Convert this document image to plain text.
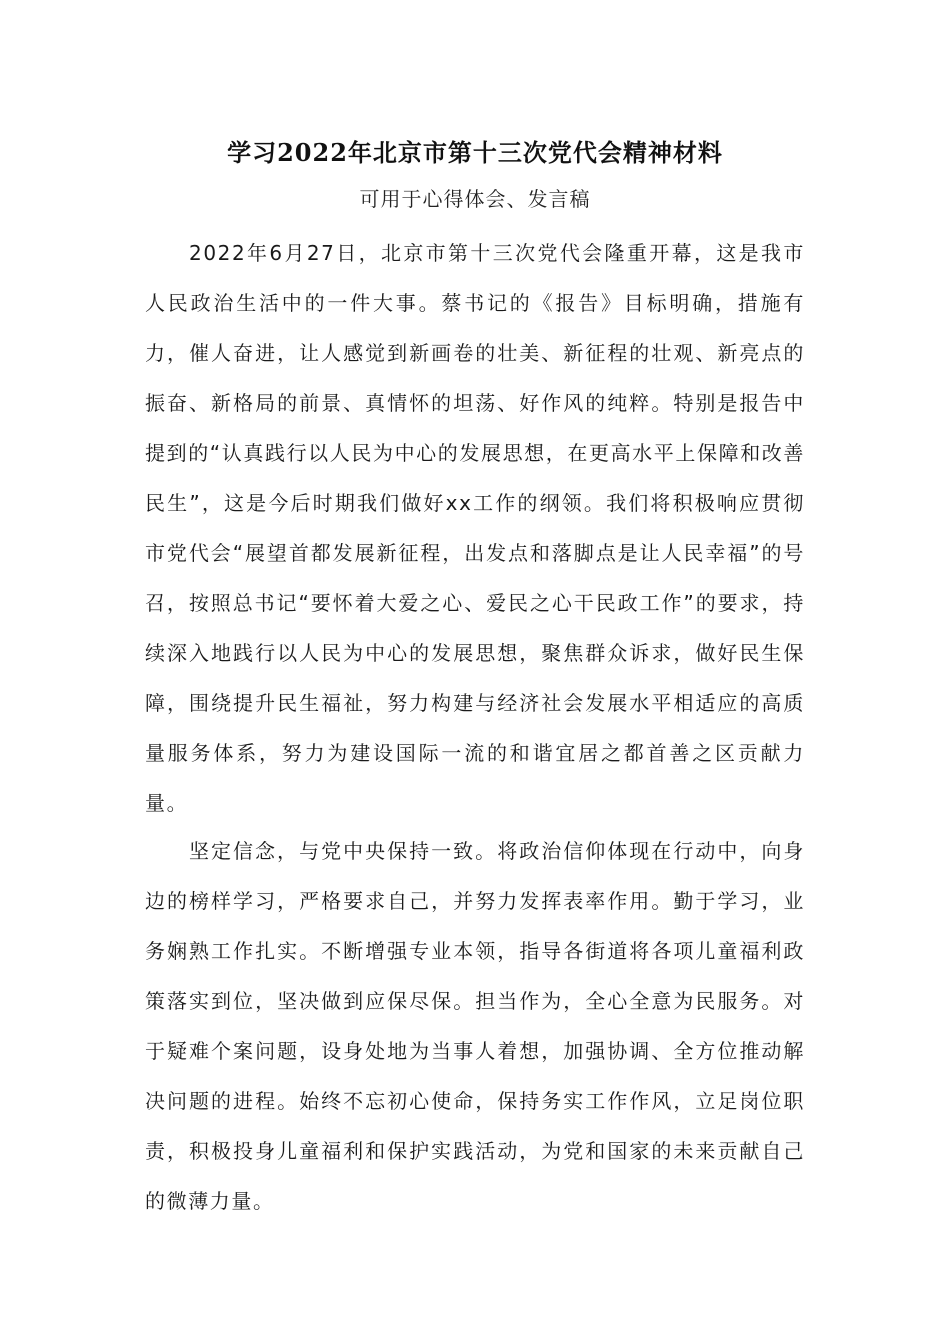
学习2022年北京市第十三次党代会精神材料
可用于心得体会、发言稿

2022年6月27日，北京市第十三次党代会隆重开幕，这是我市人民政治生活中的一件大事。蔡书记的《报告》目标明确，措施有力，催人奋进，让人感觉到新画卷的壮美、新征程的壮观、新亮点的振奋、新格局的前景、真情怀的坦荡、好作风的纯粹。特别是报告中提到的“认真践行以人民为中心的发展思想，在更高水平上保障和改善民生”，这是今后时期我们做好xx工作的纲领。我们将积极响应贯彻市党代会“展望首都发展新征程，出发点和落脚点是让人民幸福”的号召，按照总书记“要怀着大爱之心、爱民之心干民政工作”的要求，持续深入地践行以人民为中心的发展思想，聚焦群众诉求，做好民生保障，围绕提升民生福祉，努力构建与经济社会发展水平相适应的高质量服务体系，努力为建设国际一流的和谐宜居之都首善之区贡献力量。

坚定信念，与党中央保持一致。将政治信仰体现在行动中，向身边的榜样学习，严格要求自己，并努力发挥表率作用。勤于学习，业务娴熟工作扎实。不断增强专业本领，指导各街道将各项儿童福利政策落实到位，坚决做到应保尽保。担当作为，全心全意为民服务。对于疑难个案问题，设身处地为当事人着想，加强协调、全方位推动解决问题的进程。始终不忘初心使命，保持务实工作作风，立足岗位职责，积极投身儿童福利和保护实践活动，为党和国家的未来贡献自己的微薄力量。
